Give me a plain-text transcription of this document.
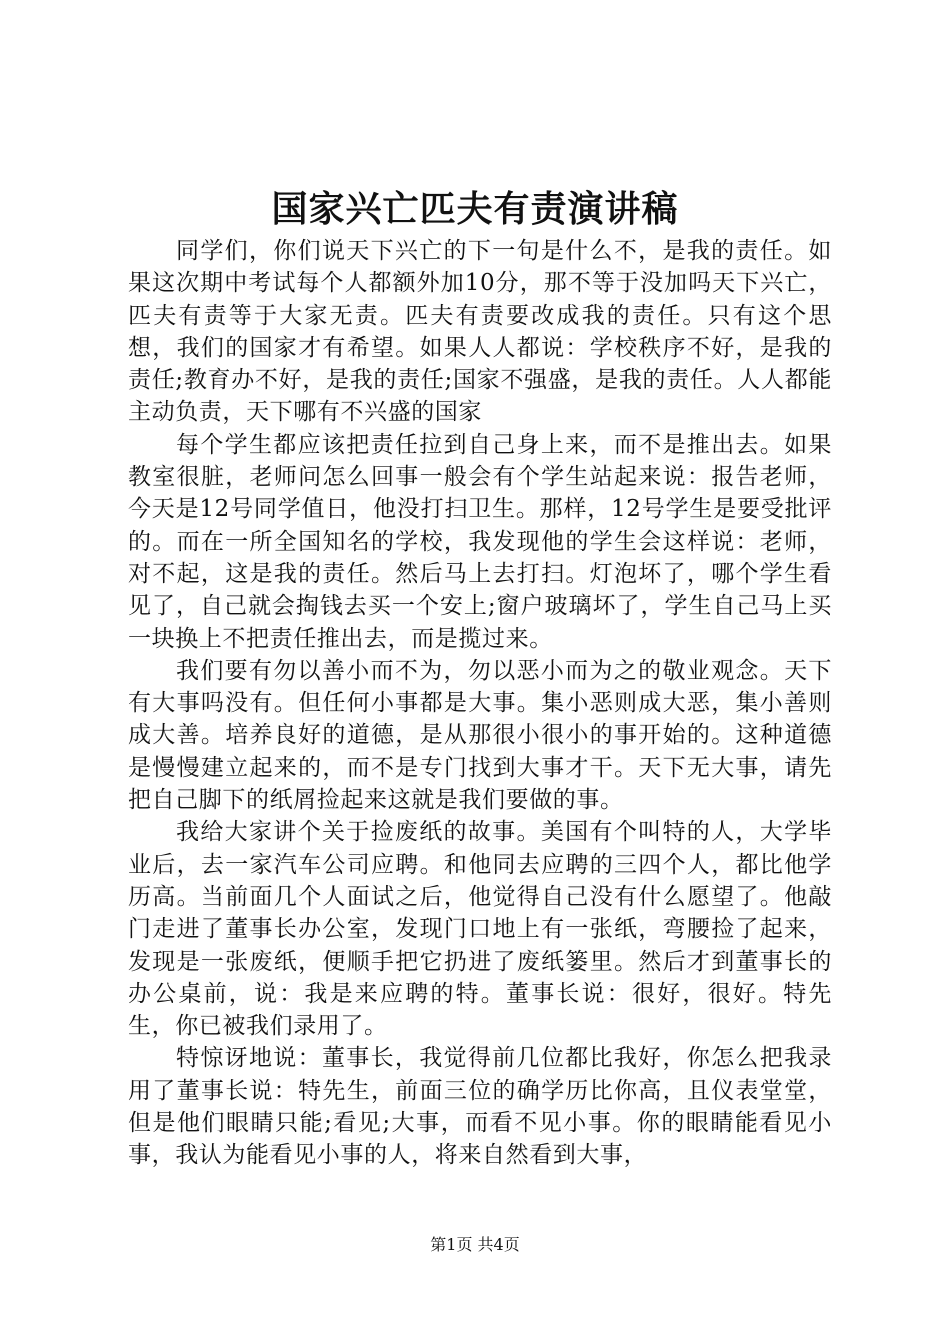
国家兴亡匹夫有责演讲稿

同学们，你们说天下兴亡的下一句是什么不，是我的责任。如果这次期中考试每个人都额外加10分，那不等于没加吗天下兴亡，匹夫有责等于大家无责。匹夫有责要改成我的责任。只有这个思想，我们的国家才有希望。如果人人都说：学校秩序不好，是我的责任;教育办不好，是我的责任;国家不强盛，是我的责任。人人都能主动负责，天下哪有不兴盛的国家

每个学生都应该把责任拉到自己身上来，而不是推出去。如果教室很脏，老师问怎么回事一般会有个学生站起来说：报告老师，今天是12号同学值日，他没打扫卫生。那样，12号学生是要受批评的。而在一所全国知名的学校，我发现他的学生会这样说：老师，对不起，这是我的责任。然后马上去打扫。灯泡坏了，哪个学生看见了，自己就会掏钱去买一个安上;窗户玻璃坏了，学生自己马上买一块换上不把责任推出去，而是揽过来。

我们要有勿以善小而不为，勿以恶小而为之的敬业观念。天下有大事吗没有。但任何小事都是大事。集小恶则成大恶，集小善则成大善。培养良好的道德，是从那很小很小的事开始的。这种道德是慢慢建立起来的，而不是专门找到大事才干。天下无大事，请先把自己脚下的纸屑捡起来这就是我们要做的事。

我给大家讲个关于捡废纸的故事。美国有个叫特的人，大学毕业后，去一家汽车公司应聘。和他同去应聘的三四个人，都比他学历高。当前面几个人面试之后，他觉得自己没有什么愿望了。他敲门走进了董事长办公室，发现门口地上有一张纸，弯腰捡了起来，发现是一张废纸，便顺手把它扔进了废纸篓里。然后才到董事长的办公桌前，说：我是来应聘的特。董事长说：很好，很好。特先生，你已被我们录用了。

特惊讶地说：董事长，我觉得前几位都比我好，你怎么把我录用了董事长说：特先生，前面三位的确学历比你高，且仪表堂堂，但是他们眼睛只能;看见;大事，而看不见小事。你的眼睛能看见小事，我认为能看见小事的人，将来自然看到大事，

第1页 共4页
